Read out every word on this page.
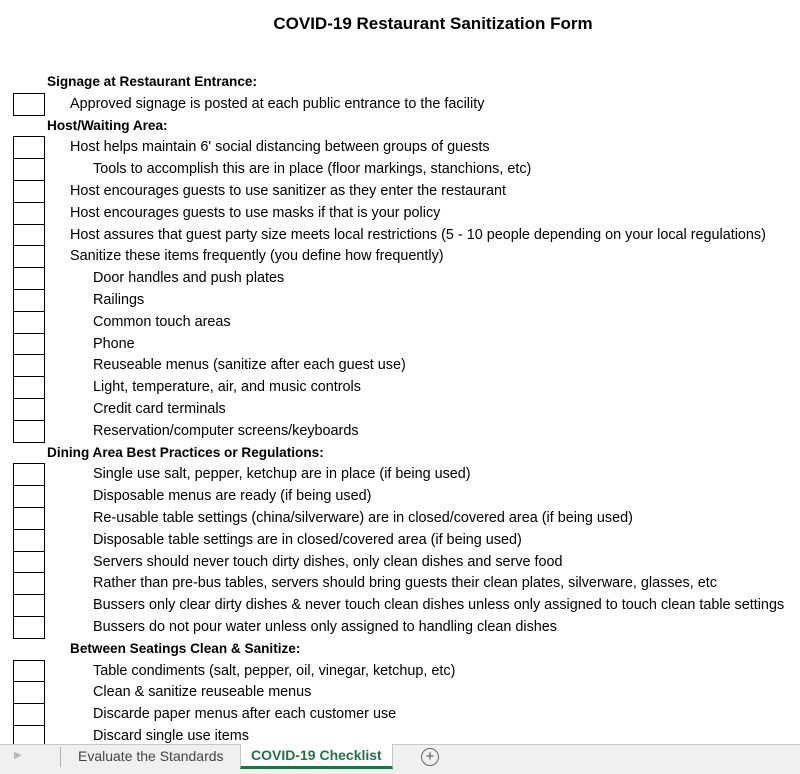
COVID-19 Restaurant Sanitization Form
Signage at Restaurant Entrance:
Approved signage is posted at each public entrance to the facility
Host/Waiting Area:
Host helps maintain 6' social distancing between groups of guests
Tools to accomplish this are in place (floor markings, stanchions, etc)
Host encourages guests to use sanitizer as they enter the restaurant
Host encourages guests to use masks if that is your policy
Host assures that guest party size meets local restrictions (5 - 10 people depending on your local regulations)
Sanitize these items frequently (you define how frequently)
Door handles and push plates
Railings
Common touch areas
Phone
Reuseable menus (sanitize after each guest use)
Light, temperature, air, and music controls
Credit card terminals
Reservation/computer screens/keyboards
Dining Area Best Practices or Regulations:
Single use salt, pepper, ketchup are in place (if being used)
Disposable menus are ready (if being used)
Re-usable table settings (china/silverware) are in closed/covered area (if being used)
Disposable table settings are in closed/covered area (if being used)
Servers should never touch dirty dishes, only clean dishes and serve food
Rather than pre-bus tables, servers should bring guests their clean plates, silverware, glasses, etc
Bussers only clear dirty dishes & never touch clean dishes unless only assigned to touch clean table settings
Bussers do not pour water unless only assigned to handling clean dishes
Between Seatings Clean & Sanitize:
Table condiments (salt, pepper, oil, vinegar, ketchup, etc)
Clean & sanitize reuseable menus
Discarde paper menus after each customer use
Discard single use items
▶	Evaluate the Standards	COVID-19 Checklist	+
